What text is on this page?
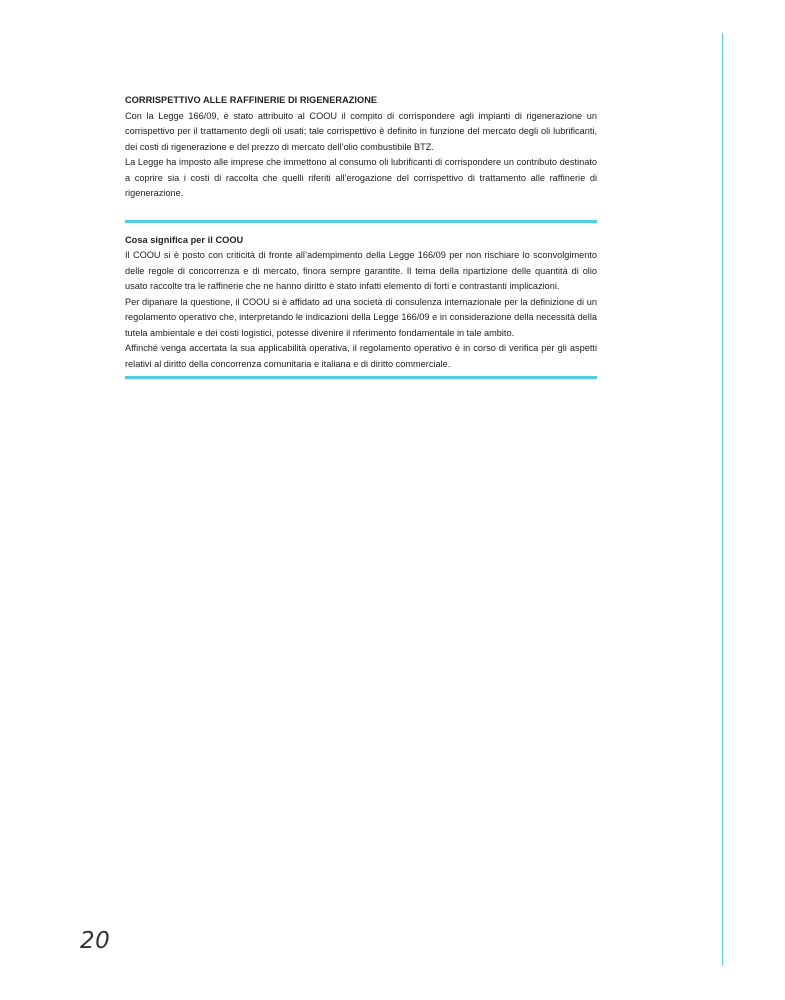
CORRISPETTIVO ALLE RAFFINERIE DI RIGENERAZIONE

Con la Legge 166/09, è stato attribuito al COOU il compito di corrispondere agli impianti di rigenerazione un corrispettivo per il trattamento degli oli usati; tale corrispettivo è definito in funzione del mercato degli oli lubrificanti, dei costi di rigenerazione e del prezzo di mercato dell’olio combustibile BTZ.

La Legge ha imposto alle imprese che immettono al consumo oli lubrificanti di corrispondere un contributo destinato a coprire sia i costi di raccolta che quelli riferiti all’erogazione del corrispettivo di trattamento alle raffinerie di rigenerazione.

Cosa significa per il COOU

Il COOU si è posto con criticità di fronte all’adempimento della Legge 166/09 per non rischiare lo sconvolgimento delle regole di concorrenza e di mercato, finora sempre garantite. Il tema della ripartizione delle quantità di olio usato raccolte tra le raffinerie che ne hanno diritto è stato infatti elemento di forti e contrastanti implicazioni.

Per dipanare la questione, il COOU si è affidato ad una società di consulenza internazionale per la definizione di un regolamento operativo che, interpretando le indicazioni della Legge 166/09 e in considerazione della necessità della tutela ambientale e dei costi logistici, potesse divenire il riferimento fondamentale in tale ambito.

Affinché venga accertata la sua applicabilità operativa, il regolamento operativo è in corso di verifica per gli aspetti relativi al diritto della concorrenza comunitaria e italiana e di diritto commerciale.

20
